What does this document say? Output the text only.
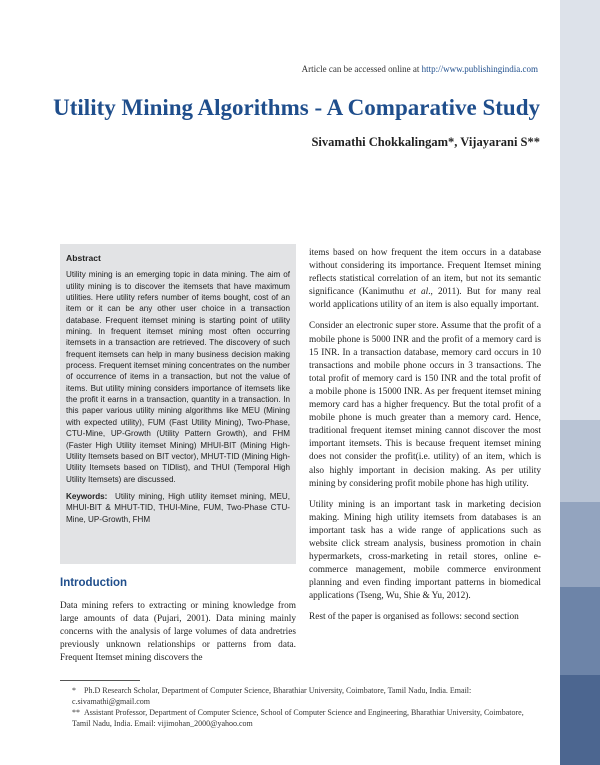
Article can be accessed online at http://www.publishingindia.com
Utility Mining Algorithms - A Comparative Study
Sivamathi Chokkalingam*, Vijayarani S**
Abstract

Utility mining is an emerging topic in data mining. The aim of utility mining is to discover the itemsets that have maximum utilities. Here utility refers number of items bought, cost of an item or it can be any other user choice in a transaction database. Frequent itemset mining is starting point of utility mining. In frequent itemset mining most often occurring itemsets in a transaction are retrieved. The discovery of such frequent itemsets can help in many business decision making process. Frequent itemset mining concentrates on the number of occurrence of items in a transaction, but not the value of items. But utility mining considers importance of itemsets like the profit it earns in a transaction, quantity in a transaction. In this paper various utility mining algorithms like MEU (Mining with expected utility), FUM (Fast Utility Mining), Two-Phase, CTU-Mine, UP-Growth (Utility Pattern Growth), and FHM (Faster High Utility itemset Mining) MHUI-BIT (Mining High-Utility Itemsets based on BIT vector), MHUT-TID (Mining High-Utility Itemsets based on TIDlist), and THUI (Temporal High Utility Itemsets) are discussed.

Keywords: Utility mining, High utility itemset mining, MEU, MHUI-BIT & MHUT-TID, THUI-Mine, FUM, Two-Phase CTU-Mine, UP-Growth, FHM

Introduction

Data mining refers to extracting or mining knowledge from large amounts of data (Pujari, 2001). Data mining mainly concerns with the analysis of large volumes of data andretries previously unknown relationships or patterns from data. Frequent Itemset mining discovers the

items based on how frequent the item occurs in a database without considering its importance. Frequent Itemset mining reflects statistical correlation of an item, but not its semantic significance (Kanimuthu et al., 2011). But for many real world applications utility of an item is also equally important.

Consider an electronic super store. Assume that the profit of a mobile phone is 5000 INR and the profit of a memory card is 15 INR. In a transaction database, memory card occurs in 10 transactions and mobile phone occurs in 3 transactions. The total profit of memory card is 150 INR and the total profit of a mobile phone is 15000 INR. As per frequent itemset mining memory card has a higher frequency. But the total profit of a mobile phone is much greater than a memory card. Hence, traditional frequent itemset mining cannot discover the most important itemsets. This is because frequent itemset mining does not consider the profit(i.e. utility) of an item, which is also highly important in decision making. As per utility mining by considering profit mobile phone has high utility.

Utility mining is an important task in marketing decision making. Mining high utility itemsets from databases is an important task has a wide range of applications such as website click stream analysis, business promotion in chain hypermarkets, cross-marketing in retail stores, online e-commerce management, mobile commerce environment planning and even finding important patterns in biomedical applications (Tseng, Wu, Shie & Yu, 2012).

Rest of the paper is organised as follows: second section

* Ph.D Research Scholar, Department of Computer Science, Bharathiar University, Coimbatore, Tamil Nadu, India. Email: c.sivamathi@gmail.com

** Assistant Professor, Department of Computer Science, School of Computer Science and Engineering, Bharathiar University, Coimbatore, Tamil Nadu, India. Email: vijimohan_2000@yahoo.com
